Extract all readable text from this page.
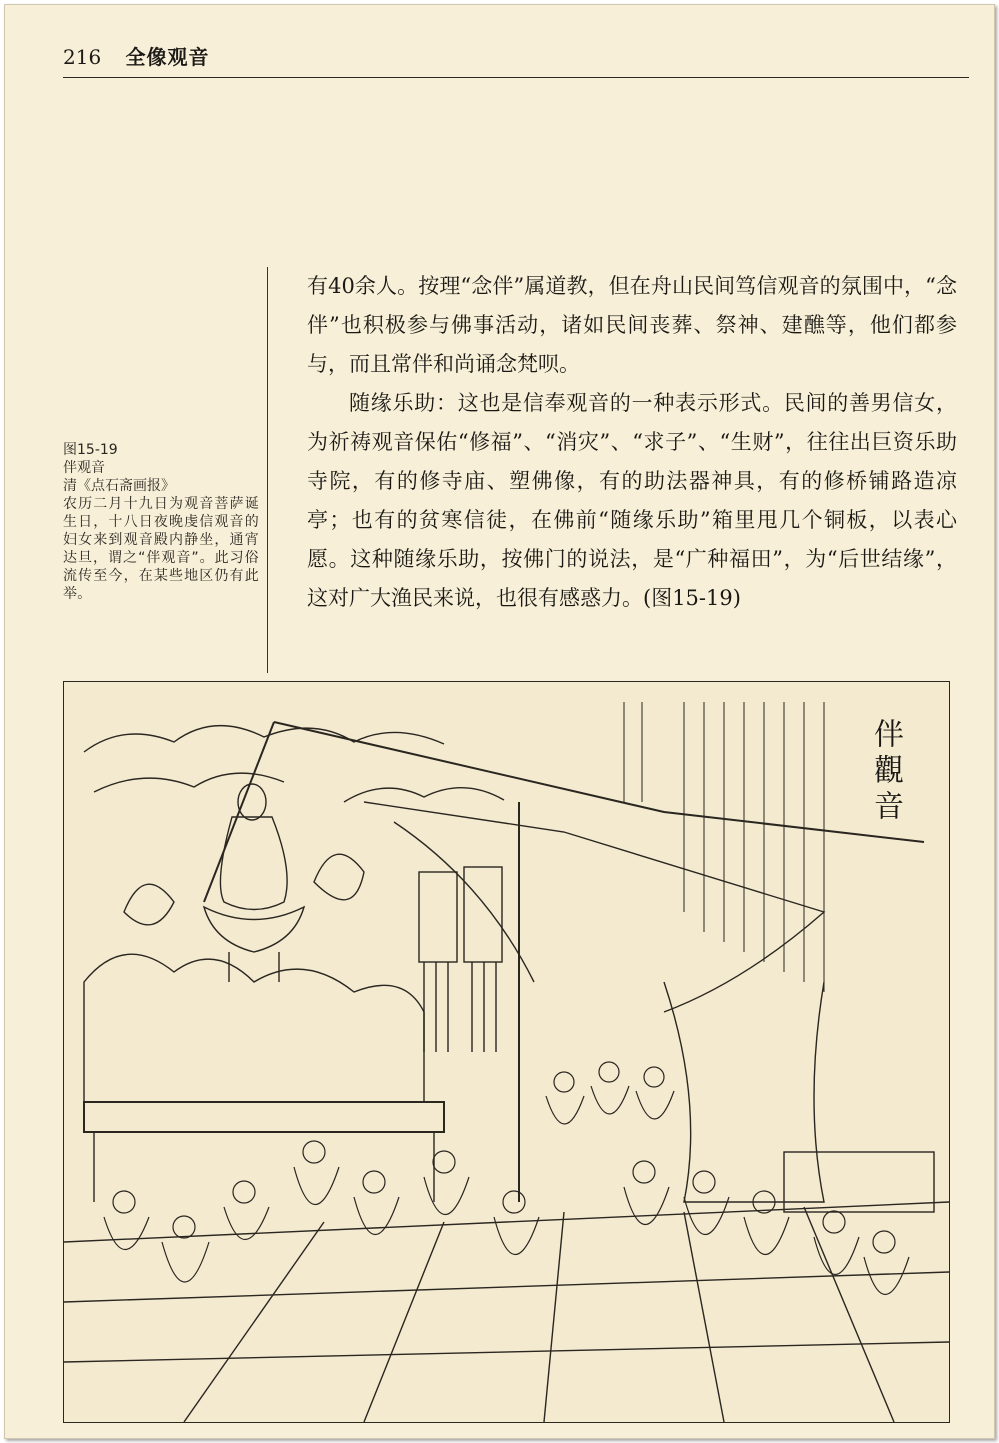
216 全像观音
图15-19
伴观音
清《点石斋画报》
农历二月十九日为观音菩萨诞生日，十八日夜晚虔信观音的妇女来到观音殿内静坐，通宵达旦，谓之“伴观音”。此习俗流传至今，在某些地区仍有此举。

有40余人。按理“念伴”属道教，但在舟山民间笃信观音的氛围中，“念伴”也积极参与佛事活动，诸如民间丧葬、祭神、建醮等，他们都参与，而且常伴和尚诵念梵呗。

随缘乐助：这也是信奉观音的一种表示形式。民间的善男信女，为祈祷观音保佑“修福”、“消灾”、“求子”、“生财”，往往出巨资乐助寺院，有的修寺庙、塑佛像，有的助法器神具，有的修桥铺路造凉亭；也有的贫寒信徒，在佛前“随缘乐助”箱里甩几个铜板，以表心愿。这种随缘乐助，按佛门的说法，是“广种福田”，为“后世结缘”，这对广大渔民来说，也很有感惑力。(图15-19)

伴觀音
